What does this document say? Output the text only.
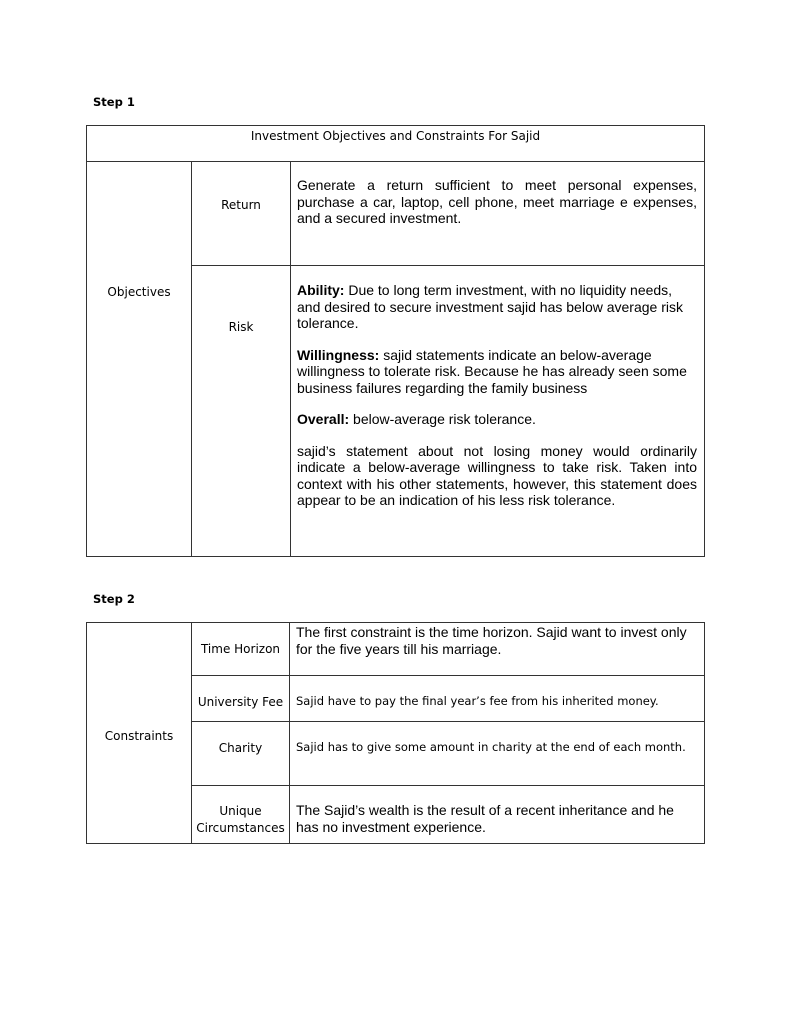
Step 1
Investment Objectives and Constraints For Sajid
Objectives
Return
Risk
Generate a return sufficient to meet personal expenses, purchase a car, laptop, cell phone, meet marriage e expenses, and a secured investment.

Ability: Due to long term investment, with no liquidity needs, and desired to secure investment sajid has below average risk tolerance.

Willingness: sajid statements indicate an below-average willingness to tolerate risk. Because he has already seen some business failures regarding the family business

Overall: below-average risk tolerance.

sajid’s statement about not losing money would ordinarily indicate a below-average willingness to take risk. Taken into context with his other statements, however, this statement does appear to be an indication of his less risk tolerance.

Step 2
Constraints
Time Horizon
The first constraint is the time horizon. Sajid want to invest only for the five years till his marriage.
University Fee	Sajid have to pay the final year’s fee from his inherited money.
Charity	Sajid has to give some amount in charity at the end of each month.
Unique Circumstances
The Sajid’s wealth is the result of a recent inheritance and he has no investment experience.
